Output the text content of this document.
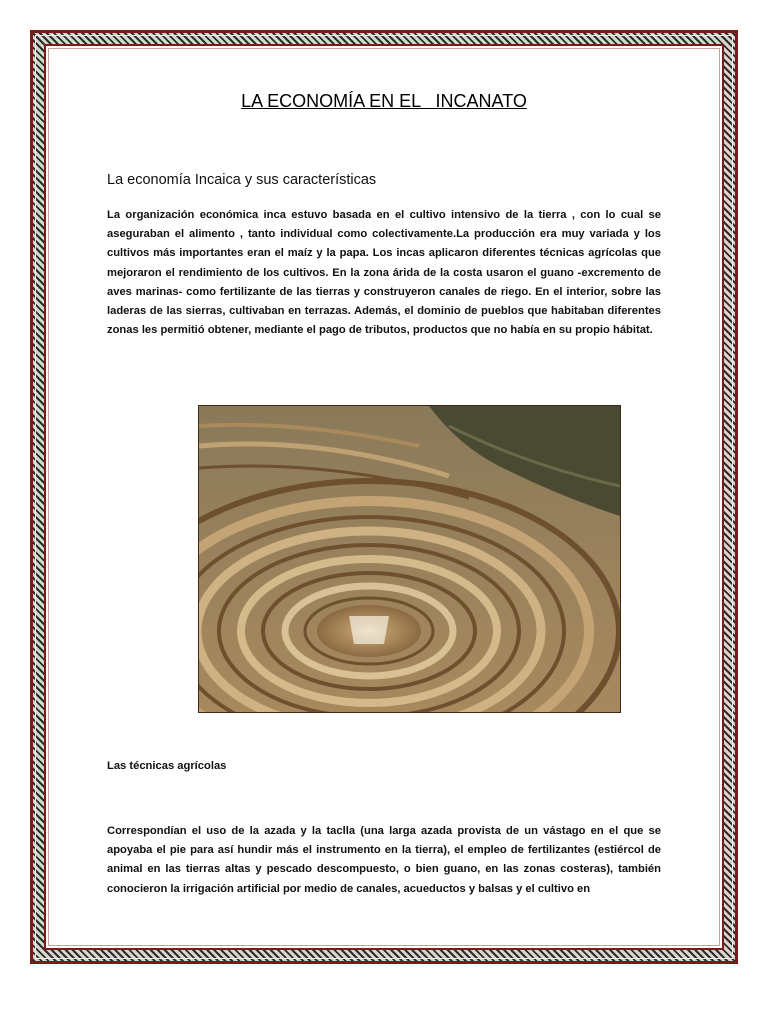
LA ECONOMÍA EN EL   INCANATO
La economía Incaica y sus características

La organización económica inca estuvo basada en el cultivo intensivo de la tierra , con lo cual se aseguraban el alimento , tanto individual como colectivamente.La producción era muy variada y los cultivos más importantes eran el maíz y la papa. Los incas aplicaron diferentes técnicas agrícolas que mejoraron el rendimiento de los cultivos. En la zona árida de la costa usaron el guano -excremento de aves marinas- como fertilizante de las tierras y construyeron canales de riego. En el interior, sobre las laderas de las sierras, cultivaban en terrazas. Además, el dominio de pueblos que habitaban diferentes zonas les permitió obtener, mediante el pago de tributos, productos que no había en su propio hábitat.

Las técnicas agrícolas

Correspondían el uso de la azada y la taclla (una larga azada provista de un vástago en el que se apoyaba el pie para así hundir más el instrumento en la tierra), el empleo de fertilizantes (estiércol de animal en las tierras altas y pescado descompuesto, o bien guano, en las zonas costeras), también conocieron la irrigación artificial por medio de canales, acueductos y balsas y el cultivo en
